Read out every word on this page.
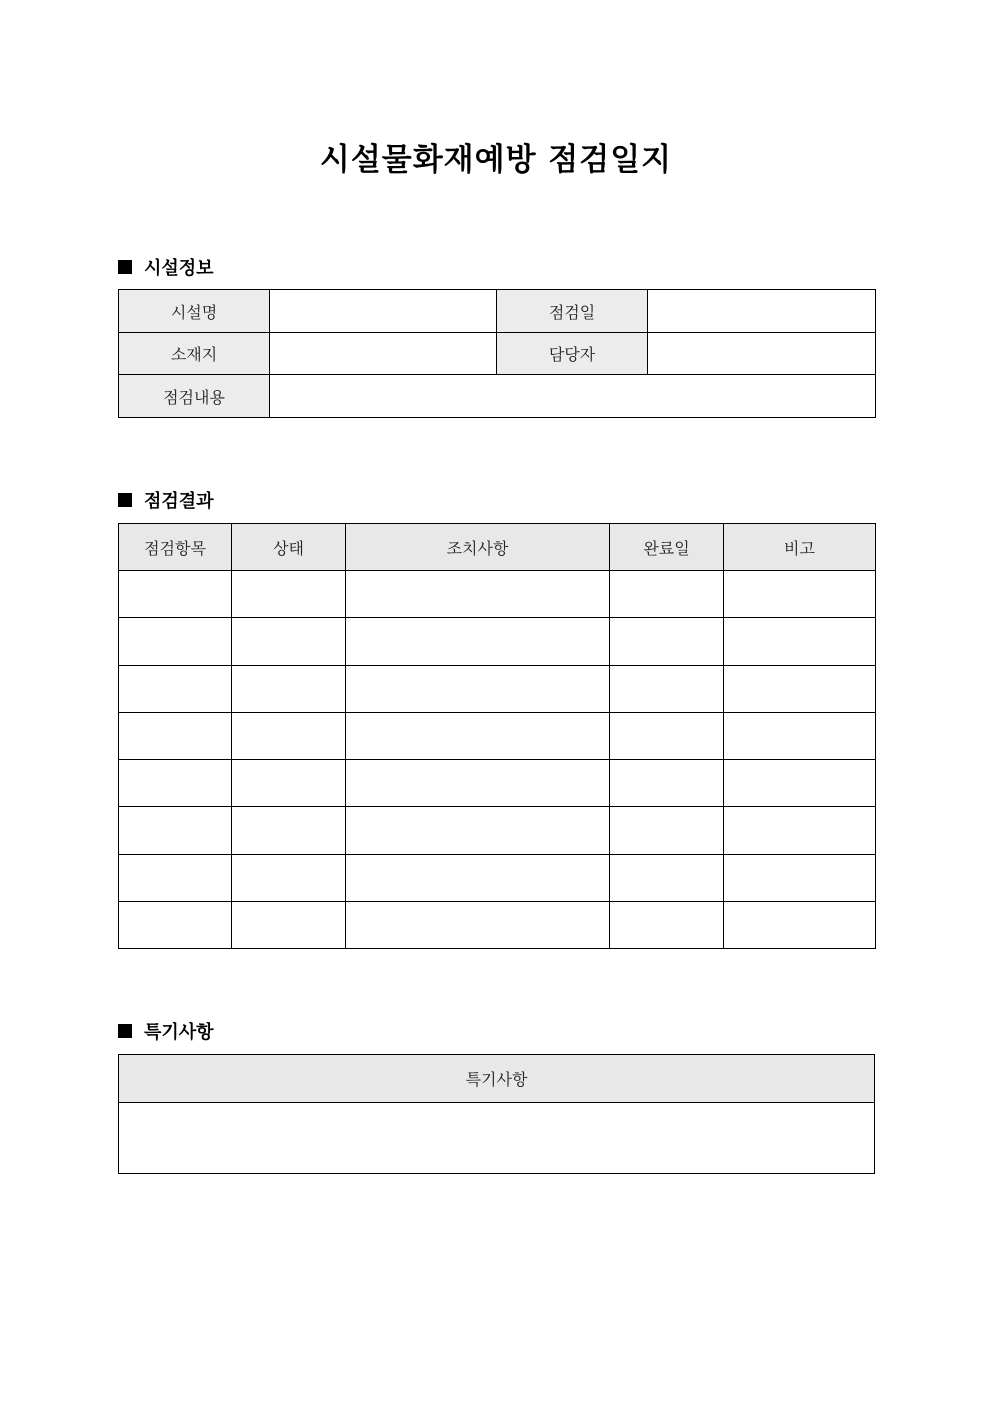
시설물화재예방 점검일지
시설정보
시설명		점검일	
소재지		담당자	
점검내용			
점검결과
점검항목	상태	조치사항	완료일	비고

특기사항
특기사항
